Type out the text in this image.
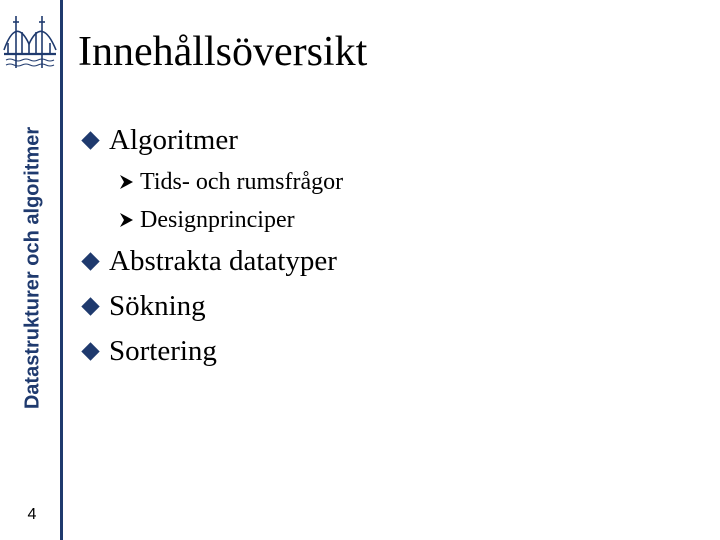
Datastrukturer och algoritmer
4
Innehållsöversikt
Algoritmer
Tids- och rumsfrågor
Designprinciper
Abstrakta datatyper
Sökning
Sortering
